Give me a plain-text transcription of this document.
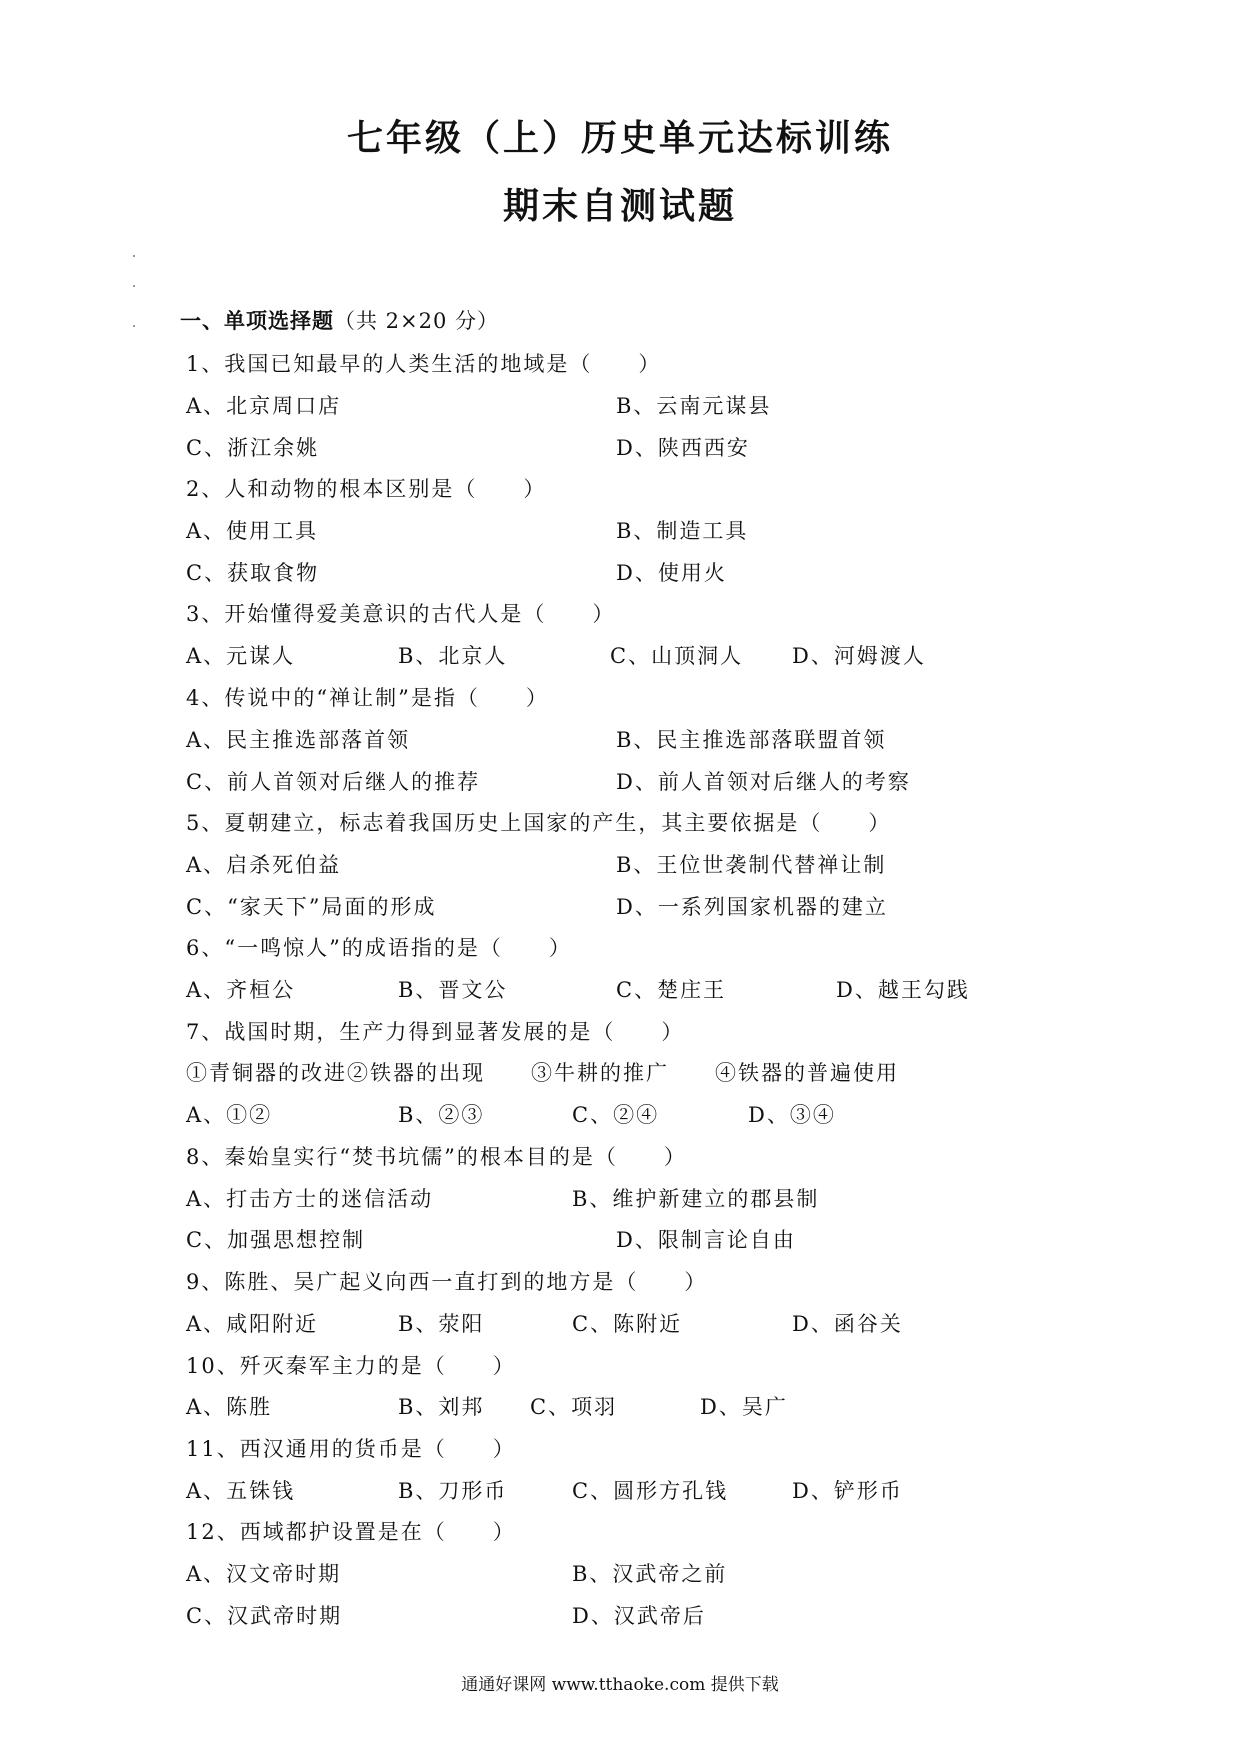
七年级（上）历史单元达标训练
期末自测试题
一、单项选择题（共 2×20 分）
1、我国已知最早的人类生活的地域是（　　）
A、北京周口店	B、云南元谋县
C、浙江余姚	D、陕西西安
2、人和动物的根本区别是（　　）
A、使用工具	B、制造工具
C、获取食物	D、使用火
3、开始懂得爱美意识的古代人是（　　）
A、元谋人	B、北京人	C、山顶洞人 D、河姆渡人
4、传说中的“禅让制”是指（　　）
A、民主推选部落首领	B、民主推选部落联盟首领
C、前人首领对后继人的推荐	D、前人首领对后继人的考察
5、夏朝建立，标志着我国历史上国家的产生，其主要依据是（　　）
A、启杀死伯益	B、王位世袭制代替禅让制
C、“家天下”局面的形成	D、一系列国家机器的建立
6、“一鸣惊人”的成语指的是（　　）
A、齐桓公	B、晋文公	C、楚庄王	D、越王勾践
7、战国时期，生产力得到显著发展的是（　　）
①青铜器的改进②铁器的出现　　③牛耕的推广　　④铁器的普遍使用
A、①②	B、②③	C、②④	D、③④
8、秦始皇实行“焚书坑儒”的根本目的是（　　）
A、打击方士的迷信活动	B、维护新建立的郡县制
C、加强思想控制	D、限制言论自由
9、陈胜、吴广起义向西一直打到的地方是（　　）
A、咸阳附近	B、荥阳	C、陈附近	D、函谷关
10、歼灭秦军主力的是（　　）
A、陈胜	B、刘邦 C、项羽	D、吴广
11、西汉通用的货币是（　　）
A、五铢钱	B、刀形币	C、圆形方孔钱	D、铲形币
12、西域都护设置是在（　　）
A、汉文帝时期	B、汉武帝之前
C、汉武帝时期	D、汉武帝后
通通好课网 www.tthaoke.com 提供下载
